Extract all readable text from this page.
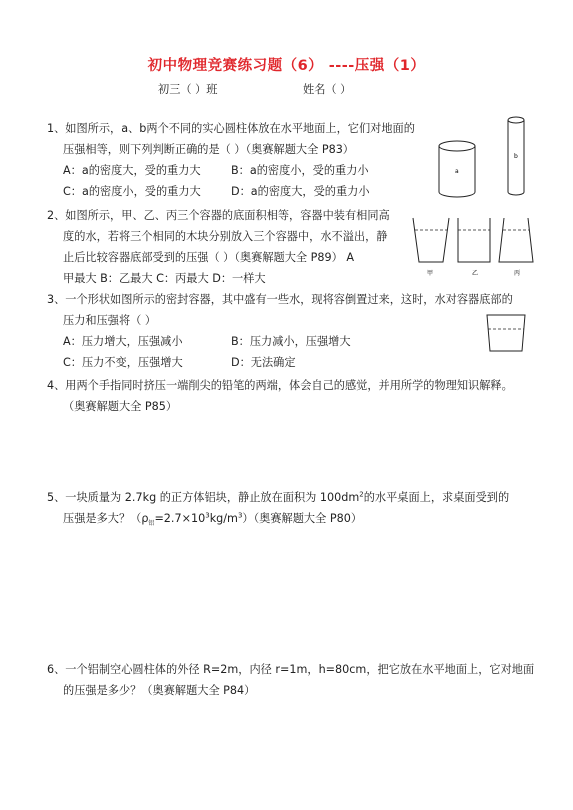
初中物理竞赛练习题（6） ----压强（1）
初三（ ）班	姓名（ ）
1、如图所示，a、b两个不同的实心圆柱体放在水平地面上，它们对地面的
压强相等，则下列判断正确的是（ ）（奥赛解题大全 P83）
A：a的密度大，受的重力大	B：a的密度小，受的重力小
C：a的密度小，受的重力大	D：a的密度大，受的重力小
a
b
2、如图所示，甲、乙、丙三个容器的底面积相等，容器中装有相同高
度的水，若将三个相同的木块分别放入三个容器中，水不溢出，静
止后比较容器底部受到的压强（ ）（奥赛解题大全 P89） A
甲最大 B：乙最大 C：丙最大 D：一样大	甲	乙	丙
3、一个形状如图所示的密封容器，其中盛有一些水，现将容倒置过来，这时，水对容器底部的
压力和压强将（ ）
A：压力增大，压强减小	B：压力减小，压强增大
C：压力不变，压强增大	D：无法确定
4、用两个手指同时挤压一端削尖的铅笔的两端，体会自己的感觉，并用所学的物理知识解释。
（奥赛解题大全 P85）
5、一块质量为 2.7kg 的正方体铝块，静止放在面积为 $100dm^2$的水平桌面上，求桌面受到的
压强是多大？$(\rho_铝=2.7\times 10^3kg/m^3)$（奥赛解题大全 P80）
6、一个铝制空心圆柱体的外径 R=2m，内径 r=1m，h=80cm，把它放在水平地面上，它对地面
的压强是多少？（奥赛解题大全 P84）
